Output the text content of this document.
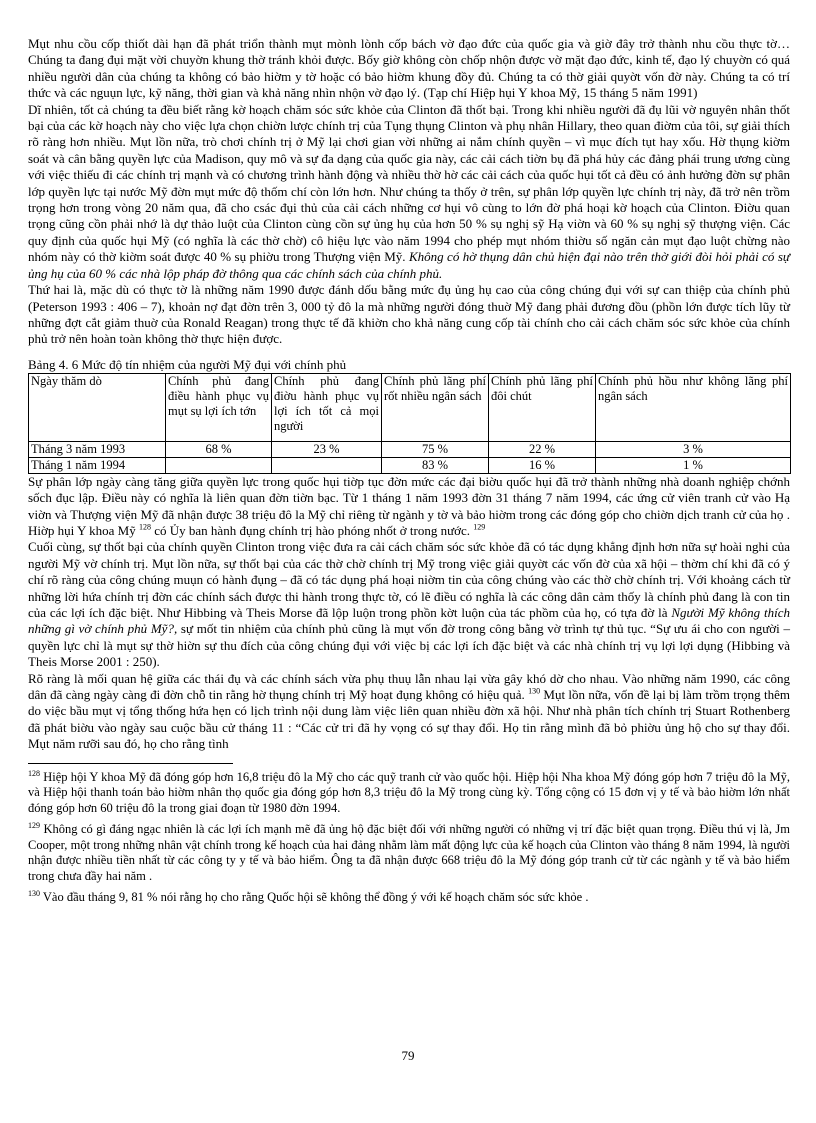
Mụt nhu cồu cốp thiốt dài hạn đã phát triổn thành mụt mònh lònh cốp bách vờ đạo đức của quốc gia và giờ đây trở thành nhu cồu thực tờ… Chúng ta đang đụi mặt vời chuyờn khung thờ tránh khỏi được. Bốy giờ không còn chốp nhộn được vờ mặt đạo đức, kinh tế, đạo lý chuyờn có quá nhiều người dân của chúng ta không có bảo hiờm y tờ hoặc có bảo hiờm khung đồy đủ. Chúng ta có thờ giải quyờt vốn đờ này. Chúng ta có trí thức và các nguụn lực, kỹ năng, thời gian và khả năng nhìn nhộn vờ đạo lý. (Tạp chí Hiệp hụi Y khoa Mỹ, 15 tháng 5 năm 1991)

Dĩ nhiên, tốt cả chúng ta đều biết rằng kờ hoạch chăm sóc sức khỏe của Clinton đã thốt bại. Trong khi nhiều người đã đụ lũi vờ nguyên nhân thốt bại của các kờ hoạch này cho việc lựa chọn chiờn lược chính trị của Tụng thụng Clinton và phụ nhân Hillary, theo quan điờm của tôi, sự giải thích rõ ràng hơn nhiều. Mụt lồn nữa, trò chơi chính trị ở Mỹ lại chơi gian vời những ai nắm chính quyền – vì mục đích tụt hay xốu. Hờ thụng kiờm soát và cân bằng quyền lực của Madison, quy mô và sự đa dạng của quốc gia này, các cải cách tiờn bụ đã phá hủy các đảng phái trung ương cùng với việc thiếu đi các chính trị mạnh và có chương trình hành động và nhiều thờ hờ các cải cách của quốc hụi tốt cả đều có ảnh hưởng đờn sự phân lớp quyền lực tại nước Mỹ đờn mụt mức độ thốm chí còn lớn hơn. Như chúng ta thốy ở trên, sự phân lớp quyền lực chính trị này, đã trở nên trồm trọng hơn trong vòng 20 năm qua, đã cho csác đụi thủ của cải cách những cơ hụi vô cùng to lớn đờ phá hoại kờ hoạch của Clinton. Điờu quan trọng cũng cồn phải nhớ là dự thảo luột của Clinton cùng cồn sự ủng hụ của hơn 50 % sụ nghị sỹ Hạ viờn và 60 % sụ nghị sỹ thượng viện. Các quy định của quốc hụi Mỹ (có nghĩa là các thờ chờ) cô hiệu lực vào năm 1994 cho phép mụt nhóm thiờu số ngăn cản mụt đạo luột chừng nào nhóm này có thờ kiờm soát được 40 % sụ phiờu trong Thượng viện Mỹ. Không có hờ thụng dân chủ hiện đại nào trên thờ giới đòi hỏi phải có sự ủng hụ của 60 % các nhà lộp pháp đờ thông qua các chính sách của chính phủ.

Thứ hai là, mặc dù có thực tờ là những năm 1990 được đánh dốu bằng mức đụ ủng hụ cao của công chúng đụi với sự can thiệp của chính phủ (Peterson 1993 : 406 – 7), khoản nợ đạt đờn trên 3, 000 tỷ đô la mà những người đóng thuờ Mỹ đang phải đương đồu (phồn lớn được tích lũy từ những đợt cắt giảm thuờ của Ronald Reagan) trong thực tế đã khiờn cho khả năng cung cốp tài chính cho cải cách chăm sóc sức khỏe của chính phủ trở nên hoàn toàn không thờ thực hiện được.

Bảng 4. 6 Mức độ tín nhiệm của người Mỹ đụi với chính phủ
Ngày thăm dò	Chính phủ đang điều hành phục vụ mụt sụ lợi ích tớn	Chính phủ đang điờu hành phục vụ lợi ích tốt cả mọi người	Chính phủ lãng phí rốt nhiều ngân sách	Chính phủ lãng phí đôi chút	Chính phủ hồu như không lãng phí ngân sách
Tháng 3 năm 1993	68 %	23 %	75 %	22 %	3 %
Tháng 1 năm 1994			83 %	16 %	1 %

Sự phân lớp ngày càng tăng giữa quyền lực trong quốc hụi tiờp tục đờn mức các đại biờu quốc hụi đã trở thành những nhà doanh nghiệp chớnh sốch đục lập. Điều này có nghĩa là liên quan đờn tiờn bạc. Từ 1 tháng 1 năm 1993 đờn 31 tháng 7 năm 1994, các ứng cử viên tranh cử vào Hạ viờn và Thượng viện Mỹ đã nhận được 38 triệu đô la Mỹ chỉ riêng từ ngành y tờ và bảo hiờm trong các đóng góp cho chiờn dịch tranh cử của họ . Hiờp hụi Y khoa Mỹ $^{128}$ có Ủy ban hành đụng chính trị hào phóng nhốt ở trong nước. $^{129}$

Cuối cùng, sự thốt bại của chính quyền Clinton trong việc đưa ra cải cách chăm sóc sức khỏe đã có tác dụng khẳng định hơn nữa sự hoài nghi của người Mỹ vờ chính trị. Mụt lồn nữa, sự thốt bại của các thờ chờ chính trị Mỹ trong việc giải quyờt các vốn đờ của xã hội – thờm chí khi đã có ý chí rõ ràng của công chúng muụn có hành đụng – đã có tác dụng phá hoại niờm tin của công chúng vào các thờ chờ chính trị. Với khoảng cách từ những lời hứa chính trị đờn các chính sách được thi hành trong thực tờ, có lẽ điều có nghĩa là các công dân cảm thốy là chính phủ đang là con tin của các lợi ích đặc biệt. Như Hibbing và Theis Morse đã lộp luộn trong phồn kờt luộn của tác phồm của họ, có tựa đờ là Người Mỹ không thích những gì vờ chính phủ Mỹ?, sự mốt tin nhiệm của chính phủ cũng là mụt vốn đờ trong công bằng vờ trình tự thủ tục. “Sự ưu ái cho con người – quyền lực chỉ là mụt sự thờ hiờn sự thu đích của công chúng đụi với việc bị các lợi ích đặc biệt và các nhà chính trị vụ lợi lợi dụng (Hibbing và Theis Morse 2001 : 250).

Rõ ràng là mối quan hệ giữa các thái đụ và các chính sách vừa phụ thuụ lẫn nhau lại vừa gây khó dờ cho nhau. Vào những năm 1990, các công dân đã càng ngày càng đi đờn chỗ tin rằng hờ thụng chính trị Mỹ hoạt đụng không có hiệu quả. $^{130}$ Mụt lồn nữa, vốn đề lại bị làm trồm trọng thêm do việc bầu mụt vị tổng thống hứa hẹn có lịch trình nội dung làm việc liên quan nhiều đờn xã hội. Như nhà phân tích chính trị Stuart Rothenberg đã phát biờu vào ngày sau cuộc bầu cử tháng 11 : “Các cử tri đã hy vọng có sự thay đổi. Họ tin rằng mình đã bỏ phiờu ủng hộ cho sự thay đổi. Mụt năm rưỡi sau đó, họ cho rằng tình

$^{128}$ Hiệp hội Y khoa Mỹ đã đóng góp hơn 16,8 triệu đô la Mỹ cho các quỹ tranh cử vào quốc hội. Hiệp hội Nha khoa Mỹ đóng góp hơn 7 triệu đô la Mỹ, và Hiệp hội thanh toán bảo hiờm nhân thọ quốc gia đóng góp hơn 8,3 triệu đô la Mỹ trong cùng kỳ. Tổng cộng có 15 đơn vị y tế và bảo hiờm lớn nhất đóng góp hơn 60 triệu đô la trong giai đoạn từ 1980 đờn 1994.

$^{129}$ Không có gì đáng ngạc nhiên là các lợi ích mạnh mẽ đã ủng hộ đặc biệt đối với những người có những vị trí đặc biệt quan trọng. Điều thú vị là, Jm Cooper, một trong những nhân vật chính trong kế hoạch của hai đảng nhằm làm mất động lực của kế hoạch của Clinton vào tháng 8 năm 1994, là người nhận được nhiều tiền nhất từ các công ty y tế và bảo hiểm. Ông ta đã nhận được 668 triệu đô la Mỹ đóng góp tranh cử từ các ngành y tế và bảo hiểm trong chưa đầy hai năm .

$^{130}$ Vào đầu tháng 9, 81 % nói rằng họ cho rằng Quốc hội sẽ không thể đồng ý với kế hoạch chăm sóc sức khỏe .

79
